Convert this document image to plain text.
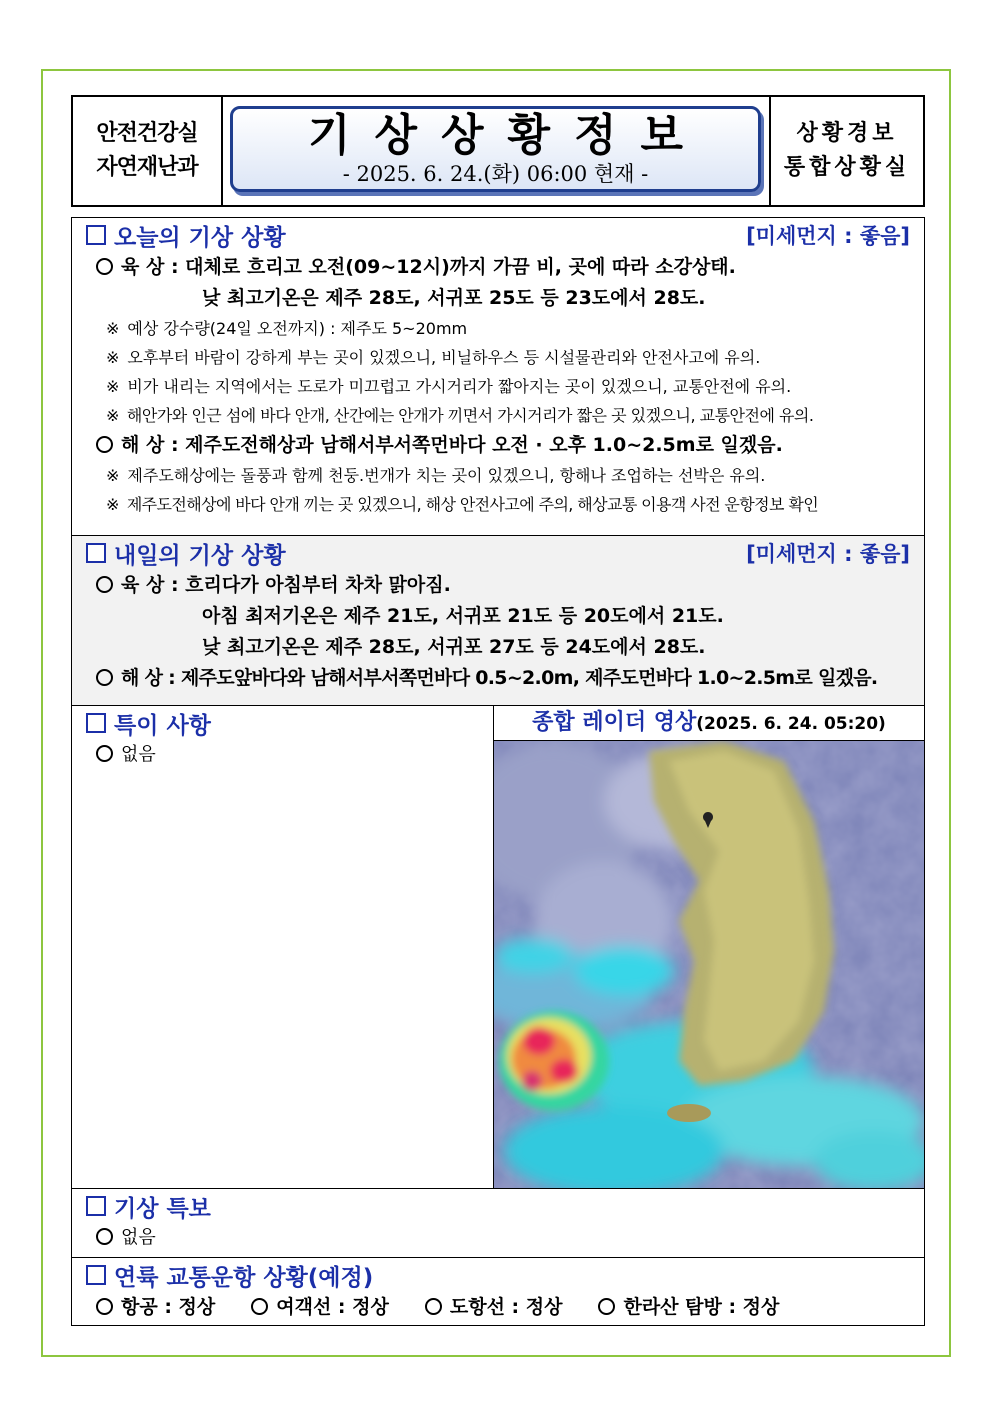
안전건강실
자연재난과
기상상황정보
- 2025. 6. 24.(화) 06:00 현재 -
상황경보
통합상황실
오늘의 기상 상황	[미세먼지 : 좋음]
육 상 : 대체로 흐리고 오전(09~12시)까지 가끔 비, 곳에 따라 소강상태.
낮 최고기온은 제주 28도, 서귀포 25도 등 23도에서 28도.
※ 예상 강수량(24일 오전까지) : 제주도 5~20mm
※ 오후부터 바람이 강하게 부는 곳이 있겠으니, 비닐하우스 등 시설물관리와 안전사고에 유의.
※ 비가 내리는 지역에서는 도로가 미끄럽고 가시거리가 짧아지는 곳이 있겠으니, 교통안전에 유의.
※ 해안가와 인근 섬에 바다 안개, 산간에는 안개가 끼면서 가시거리가 짧은 곳 있겠으니, 교통안전에 유의.
해 상 : 제주도전해상과 남해서부서쪽먼바다 오전 · 오후 1.0~2.5m로 일겠음.
※ 제주도해상에는 돌풍과 함께 천둥.번개가 치는 곳이 있겠으니, 항해나 조업하는 선박은 유의.
※ 제주도전해상에 바다 안개 끼는 곳 있겠으니, 해상 안전사고에 주의, 해상교통 이용객 사전 운항정보 확인
내일의 기상 상황	[미세먼지 : 좋음]
육 상 : 흐리다가 아침부터 차차 맑아짐.
아침 최저기온은 제주 21도, 서귀포 21도 등 20도에서 21도.
낮 최고기온은 제주 28도, 서귀포 27도 등 24도에서 28도.
해 상 : 제주도앞바다와 남해서부서쪽먼바다 0.5~2.0m, 제주도먼바다 1.0~2.5m로 일겠음.
특이 사항
없음
종합 레이더 영상(2025. 6. 24. 05:20)
기상 특보
없음
연륙 교통운항 상황(예정)
항공 : 정상	여객선 : 정상	도항선 : 정상	한라산 탐방 : 정상
